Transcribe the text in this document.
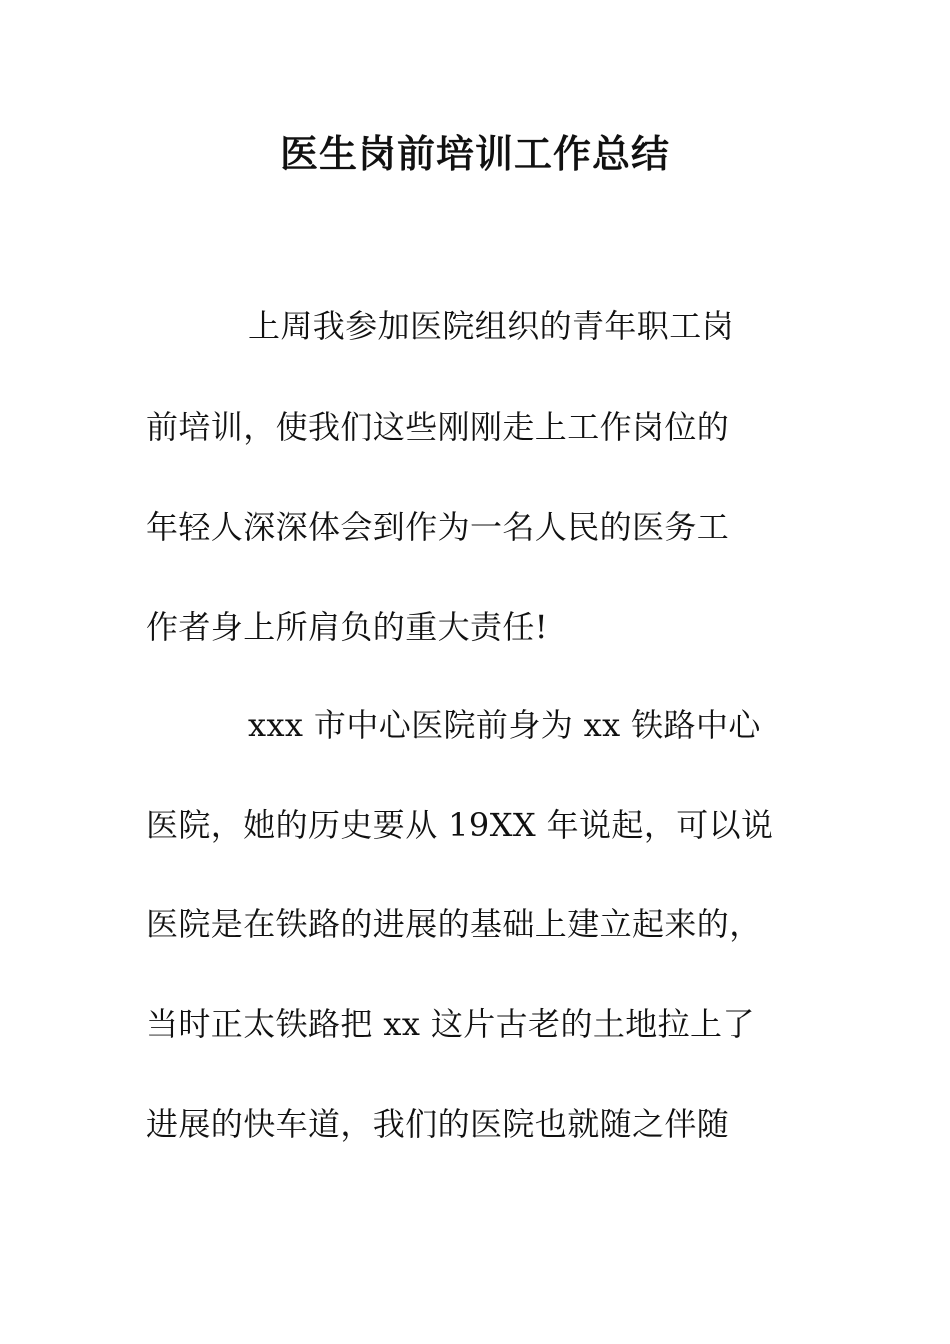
医生岗前培训工作总结
上周我参加医院组织的青年职工岗
前培训，使我们这些刚刚走上工作岗位的
年轻人深深体会到作为一名人民的医务工
作者身上所肩负的重大责任!
xxx 市中心医院前身为 xx 铁路中心
医院，她的历史要从 19XX 年说起，可以说
医院是在铁路的进展的基础上建立起来的，
当时正太铁路把 xx 这片古老的土地拉上了
进展的快车道，我们的医院也就随之伴随
